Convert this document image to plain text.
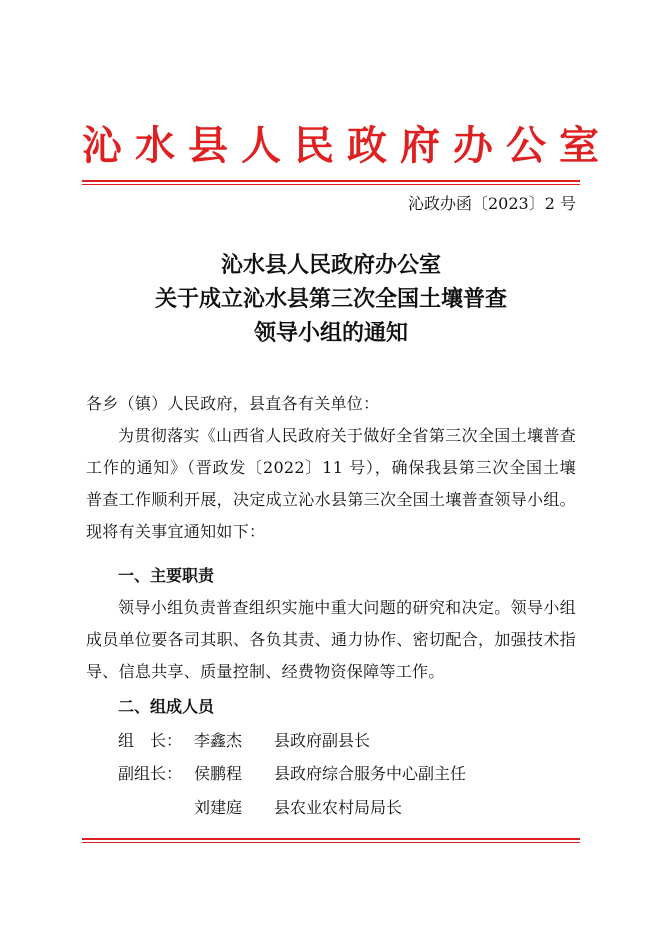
沁水县人民政府办公室
沁政办函〔2023〕2 号
沁水县人民政府办公室
关于成立沁水县第三次全国土壤普查
领导小组的通知
各乡（镇）人民政府，县直各有关单位：
为贯彻落实《山西省人民政府关于做好全省第三次全国土壤普查工作的通知》（晋政发〔2022〕11 号），确保我县第三次全国土壤普查工作顺利开展，决定成立沁水县第三次全国土壤普查领导小组。现将有关事宜通知如下：
一、主要职责
领导小组负责普查组织实施中重大问题的研究和决定。领导小组成员单位要各司其职、各负其责、通力协作、密切配合，加强技术指导、信息共享、质量控制、经费物资保障等工作。
二、组成人员
组　长： 李鑫杰 县政府副县长
副组长： 侯鹏程 县政府综合服务中心副主任
刘建庭 县农业农村局局长
